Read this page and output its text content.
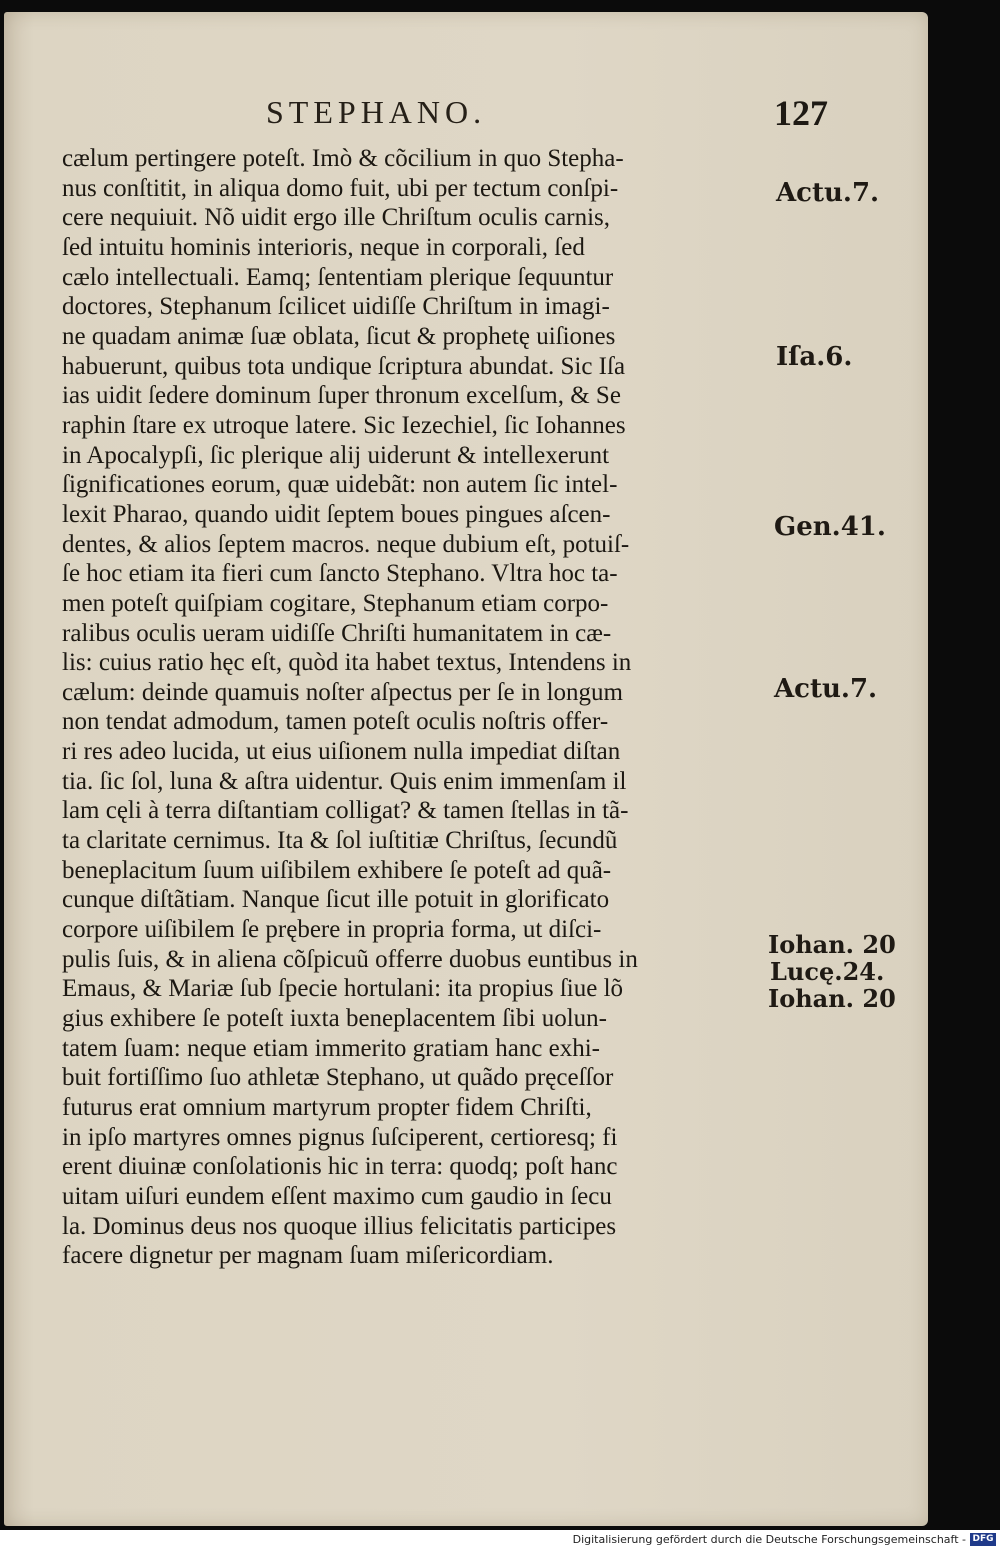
STEPHANO.	127
cælum pertingere poteſt. Imò & cõcilium in quo Stepha-
nus conſtitit, in aliqua domo fuit, ubi per tectum conſpi-
cere nequiuit. Nõ uidit ergo ille Chriſtum oculis carnis,
ſed intuitu hominis interioris, neque in corporali, ſed
cælo intellectuali. Eamq; ſententiam plerique ſequuntur
doctores, Stephanum ſcilicet uidiſſe Chriſtum in imagi-
ne quadam animæ ſuæ oblata, ſicut & prophetę uiſiones
habuerunt, quibus tota undique ſcriptura abundat. Sic Iſa
ias uidit ſedere dominum ſuper thronum excelſum, & Se
raphin ſtare ex utroque latere. Sic Iezechiel, ſic Iohannes
in Apocalypſi, ſic plerique alij uiderunt & intellexerunt
ſignificationes eorum, quæ uidebãt: non autem ſic intel-
lexit Pharao, quando uidit ſeptem boues pingues aſcen-
dentes, & alios ſeptem macros. neque dubium eſt, potuiſ-
ſe hoc etiam ita fieri cum ſancto Stephano. Vltra hoc ta-
men poteſt quiſpiam cogitare, Stephanum etiam corpo-
ralibus oculis ueram uidiſſe Chriſti humanitatem in cæ-
lis: cuius ratio hęc eſt, quòd ita habet textus, Intendens in
cælum: deinde quamuis noſter aſpectus per ſe in longum
non tendat admodum, tamen poteſt oculis noſtris offer-
ri res adeo lucida, ut eius uiſionem nulla impediat diſtan
tia. ſic ſol, luna & aſtra uidentur. Quis enim immenſam il
lam cęli à terra diſtantiam colligat? & tamen ſtellas in tã-
ta claritate cernimus. Ita & ſol iuſtitiæ Chriſtus, ſecundũ
beneplacitum ſuum uiſibilem exhibere ſe poteſt ad quã-
cunque diſtãtiam. Nanque ſicut ille potuit in glorificato
corpore uiſibilem ſe prębere in propria forma, ut diſci-
pulis ſuis, & in aliena cõſpicuũ offerre duobus euntibus in
Emaus, & Mariæ ſub ſpecie hortulani: ita propius ſiue lõ
gius exhibere ſe poteſt iuxta beneplacentem ſibi uolun-
tatem ſuam: neque etiam immerito gratiam hanc exhi-
buit fortiſſimo ſuo athletæ Stephano, ut quãdo pręceſſor
futurus erat omnium martyrum propter fidem Chriſti,
in ipſo martyres omnes pignus ſuſciperent, certioresq; fi
erent diuinæ conſolationis hic in terra: quodq; poſt hanc
uitam uiſuri eundem eſſent maximo cum gaudio in ſecu
la. Dominus deus nos quoque illius felicitatis participes
facere dignetur per magnam ſuam miſericordiam.
Actu.7.
Iſa.6.
Gen.41.
Actu.7.
Iohan. 20
Lucę.24.
Iohan. 20
Digitalisierung gefördert durch die Deutsche Forschungsgemeinschaft - DFG
